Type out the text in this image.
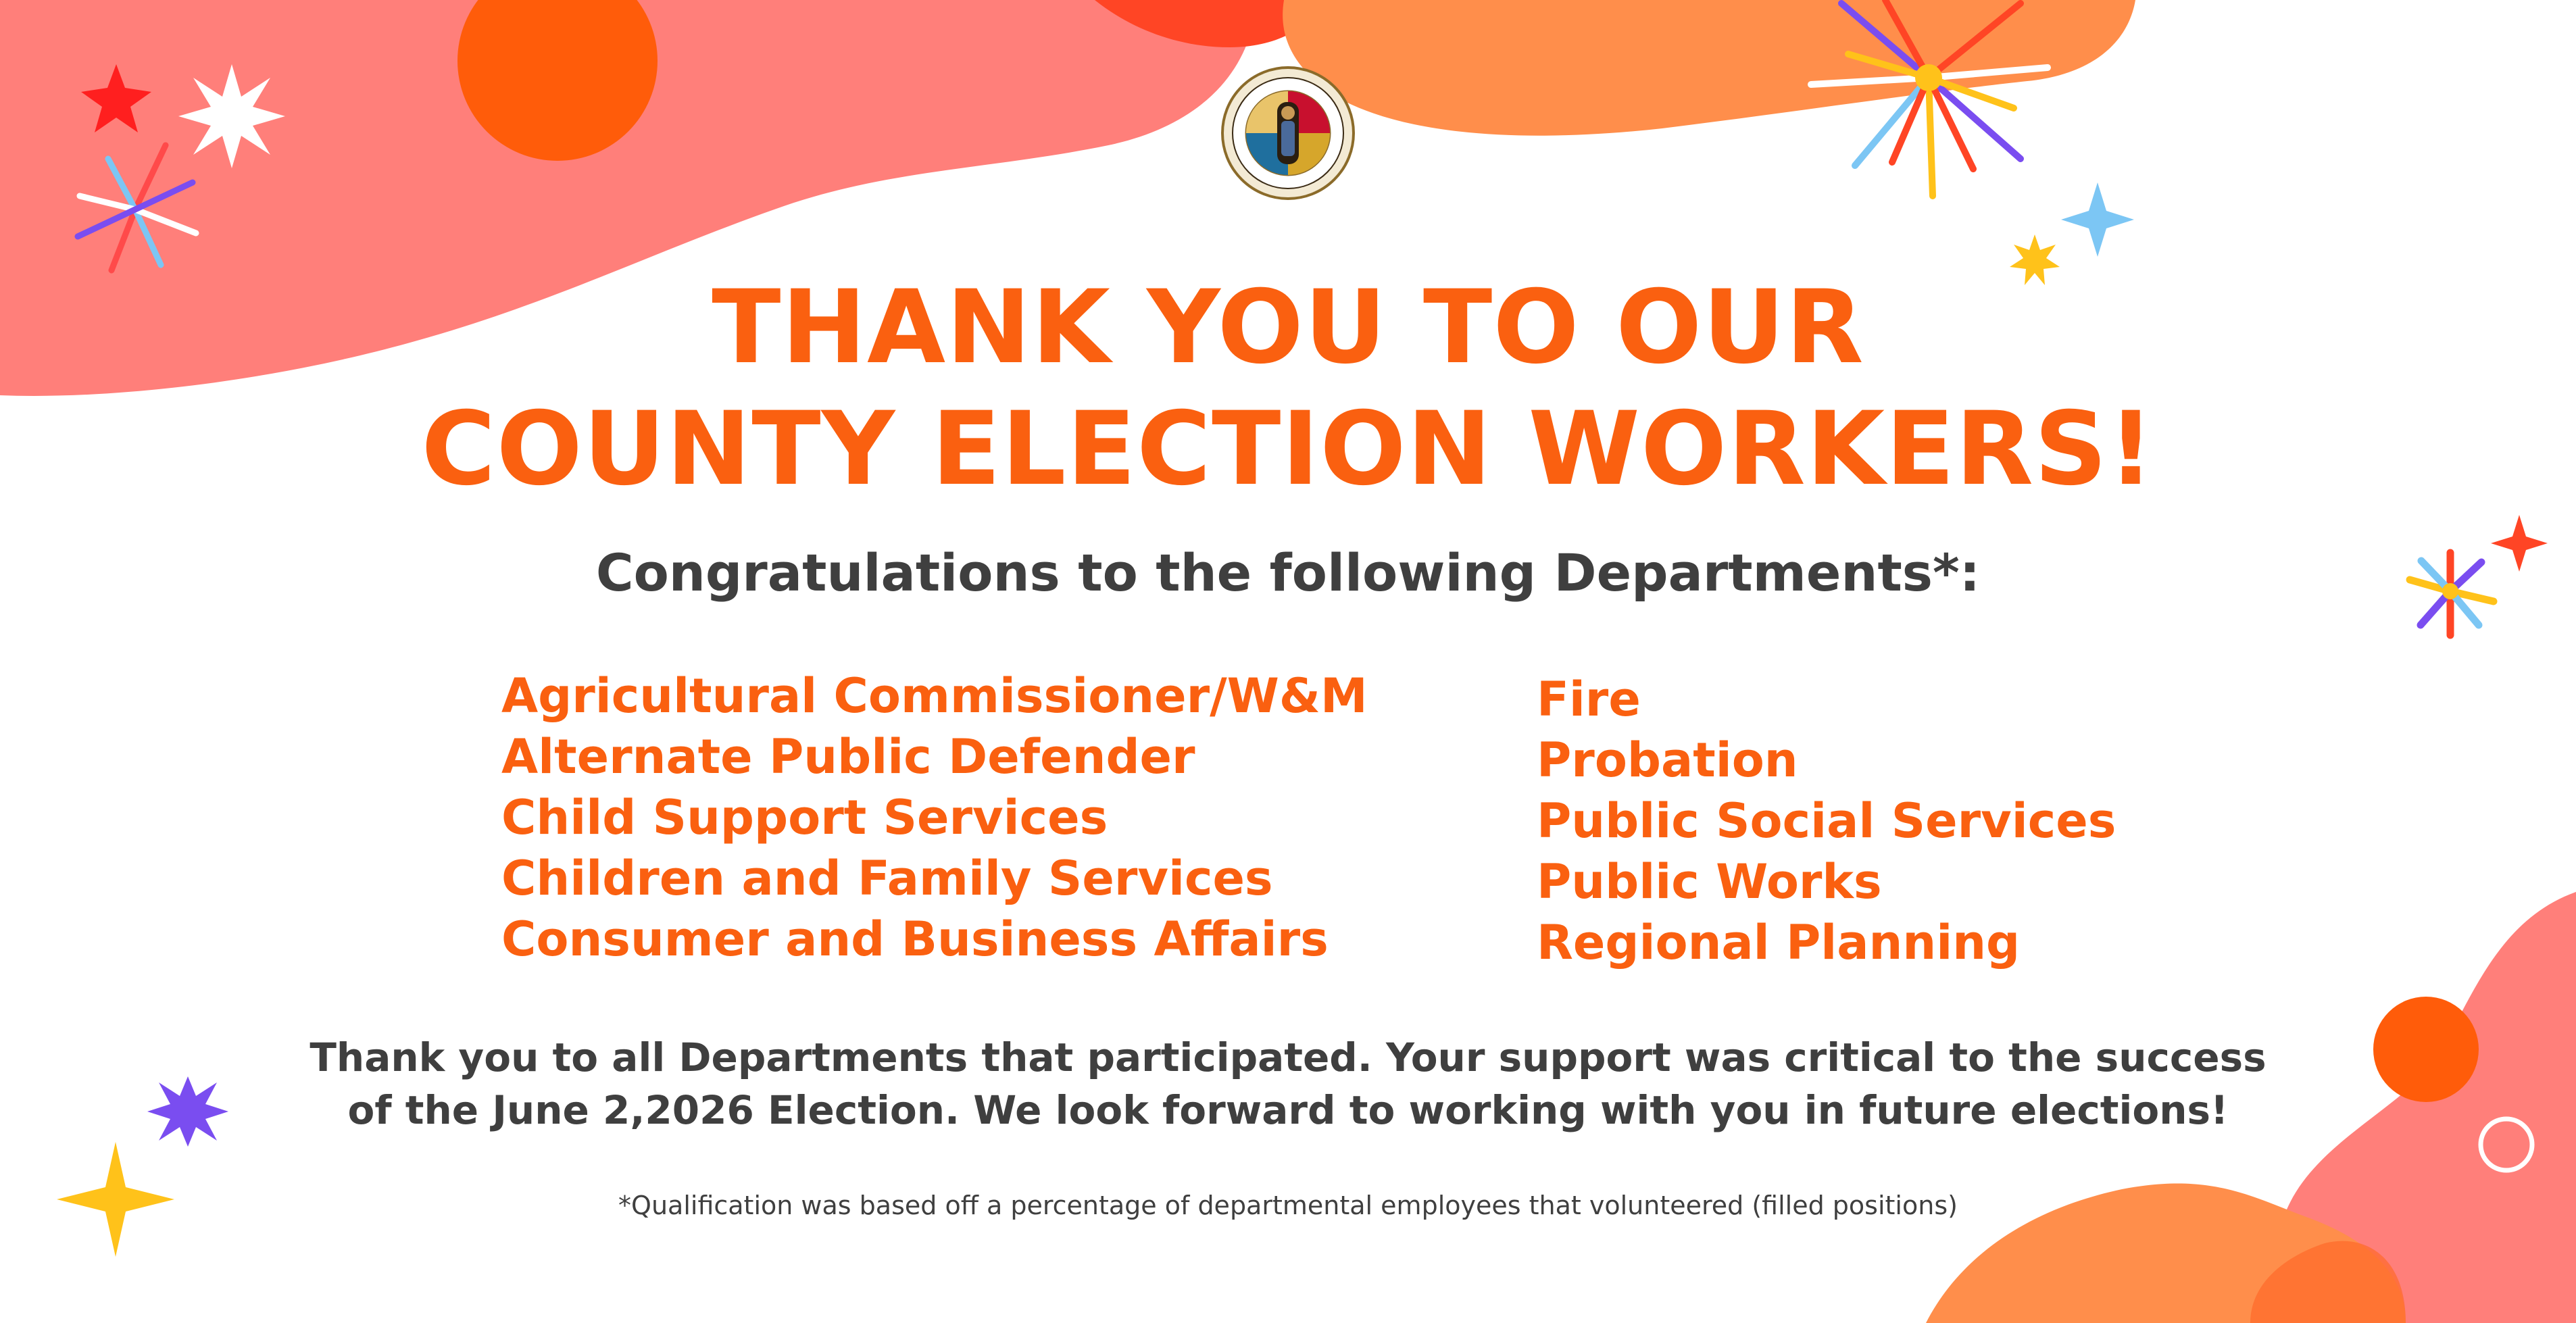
THANK YOU TO OUR
COUNTY ELECTION WORKERS!
Congratulations to the following Departments*:
Agricultural Commissioner/W&M
Alternate Public Defender
Child Support Services
Children and Family Services
Consumer and Business Affairs
Fire
Probation
Public Social Services
Public Works
Regional Planning
Thank you to all Departments that participated. Your support was critical to the success
of the June 2,2026 Election. We look forward to working with you in future elections!
*Qualification was based off a percentage of departmental employees that volunteered (filled positions)
